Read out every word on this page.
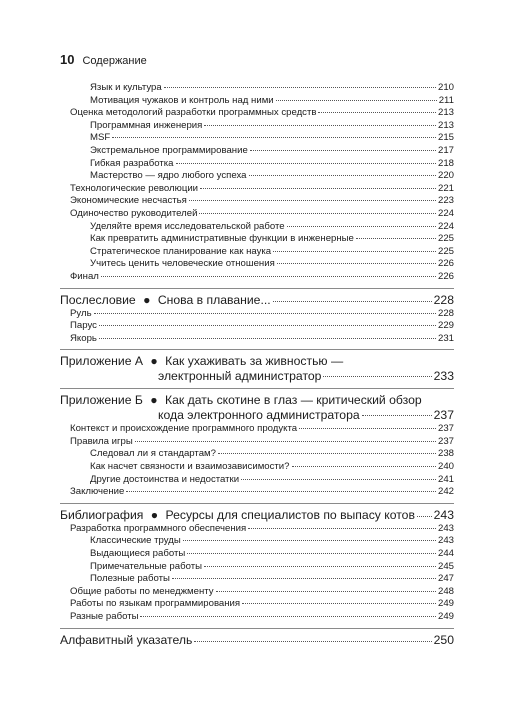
10 Содержание
Язык и культура	210
Мотивация чужаков и контроль над ними	211
Оценка методологий разработки программных средств	213
Программная инженерия	213
MSF	215
Экстремальное программирование	217
Гибкая разработка	218
Мастерство — ядро любого успеха	220
Технологические революции	221
Экономические несчастья	223
Одиночество руководителей	224
Уделяйте время исследовательской работе	224
Как превратить административные функции в инженерные	225
Стратегическое планирование как наука	225
Учитесь ценить человеческие отношения	226
Финал	226
Послесловие ● Снова в плавание...	228
Руль	228
Парус	229
Якорь	231
Приложение А ● Как ухаживать за живностью —
электронный администратор	233
Приложение Б ● Как дать скотине в глаз — критический обзор
кода электронного администратора	237
Контекст и происхождение программного продукта	237
Правила игры	237
Следовал ли я стандартам?	238
Как насчет связности и взаимозависимости?	240
Другие достоинства и недостатки	241
Заключение	242
Библиография ● Ресурсы для специалистов по выпасу котов 243
Разработка программного обеспечения	243
Классические труды	243
Выдающиеся работы	244
Примечательные работы	245
Полезные работы	247
Общие работы по менеджменту	248
Работы по языкам программирования	249
Разные работы	249
Алфавитный указатель	250
